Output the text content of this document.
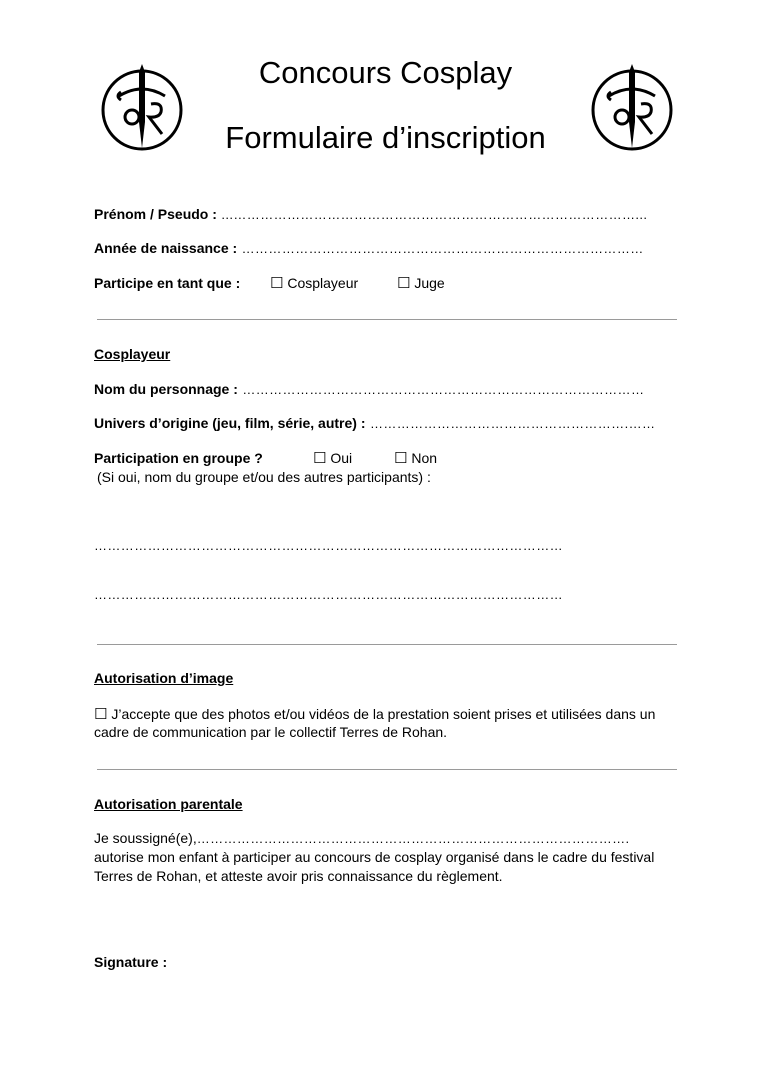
Concours Cosplay
Formulaire d’inscription
Prénom / Pseudo : ...………………………………………………………………………………...
Année de naissance : ………………………………………………………………………………
Participe en tant que : ☐ Cosplayeur	☐ Juge
Cosplayeur
Nom du personnage : ………………………………………………………………………………
Univers d’origine (jeu, film, série, autre) : ………………………………………………….……
Participation en groupe ?	☐ Oui	☐ Non
(Si oui, nom du groupe et/ou des autres participants) :
……………………………………………………………………………………………
……………………………………………………………………………………………
Autorisation d’image
☐ J’accepte que des photos et/ou vidéos de la prestation soient prises et utilisées dans un
cadre de communication par le collectif Terres de Rohan.
Autorisation parentale
Je soussigné(e),…………………………………………………………………………………….
autorise mon enfant à participer au concours de cosplay organisé dans le cadre du festival
Terres de Rohan, et atteste avoir pris connaissance du règlement.
Signature :
